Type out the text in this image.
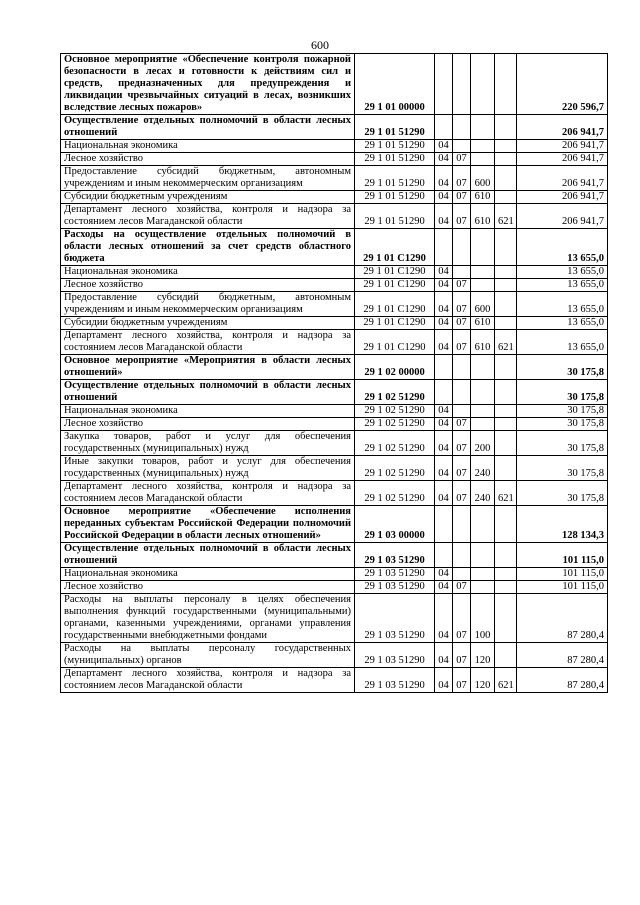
600
Основное мероприятие «Обеспечение контроля пожарной безопасности в лесах и готовности к действиям сил и средств, предназначенных для предупреждения и ликвидации чрезвычайных ситуаций в лесах, возникших вследствие лесных пожаров»	29 1 01 00000					220 596,7
Осуществление отдельных полномочий в области лесных отношений	29 1 01 51290					206 941,7
Национальная экономика	29 1 01 51290	04				206 941,7
Лесное хозяйство	29 1 01 51290	04	07			206 941,7
Предоставление субсидий бюджетным, автономным учреждениям и иным некоммерческим организациям	29 1 01 51290	04	07	600		206 941,7
Субсидии бюджетным учреждениям	29 1 01 51290	04	07	610		206 941,7
Департамент лесного хозяйства, контроля и надзора за состоянием лесов Магаданской области	29 1 01 51290	04	07	610	621	206 941,7
Расходы на осуществление отдельных полномочий в области лесных отношений за счет средств областного бюджета	29 1 01 С1290					13 655,0
Национальная экономика	29 1 01 С1290	04				13 655,0
Лесное хозяйство	29 1 01 С1290	04	07			13 655,0
Предоставление субсидий бюджетным, автономным учреждениям и иным некоммерческим организациям	29 1 01 С1290	04	07	600		13 655,0
Субсидии бюджетным учреждениям	29 1 01 С1290	04	07	610		13 655,0
Департамент лесного хозяйства, контроля и надзора за состоянием лесов Магаданской области	29 1 01 С1290	04	07	610	621	13 655,0
Основное мероприятие «Мероприятия в области лесных отношений»	29 1 02 00000					30 175,8
Осуществление отдельных полномочий в области лесных отношений	29 1 02 51290					30 175,8
Национальная экономика	29 1 02 51290	04				30 175,8
Лесное хозяйство	29 1 02 51290	04	07			30 175,8
Закупка товаров, работ и услуг для обеспечения государственных (муниципальных) нужд	29 1 02 51290	04	07	200		30 175,8
Иные закупки товаров, работ и услуг для обеспечения государственных (муниципальных) нужд	29 1 02 51290	04	07	240		30 175,8
Департамент лесного хозяйства, контроля и надзора за состоянием лесов Магаданской области	29 1 02 51290	04	07	240	621	30 175,8
Основное мероприятие «Обеспечение исполнения переданных субъектам Российской Федерации полномочий Российской Федерации в области лесных отношений»	29 1 03 00000					128 134,3
Осуществление отдельных полномочий в области лесных отношений	29 1 03 51290					101 115,0
Национальная экономика	29 1 03 51290	04				101 115,0
Лесное хозяйство	29 1 03 51290	04	07			101 115,0
Расходы на выплаты персоналу в целях обеспечения выполнения функций государственными (муниципальными) органами, казенными учреждениями, органами управления государственными внебюджетными фондами	29 1 03 51290	04	07	100		87 280,4
Расходы на выплаты персоналу государственных (муниципальных) органов	29 1 03 51290	04	07	120		87 280,4
Департамент лесного хозяйства, контроля и надзора за состоянием лесов Магаданской области	29 1 03 51290	04	07	120	621	87 280,4
